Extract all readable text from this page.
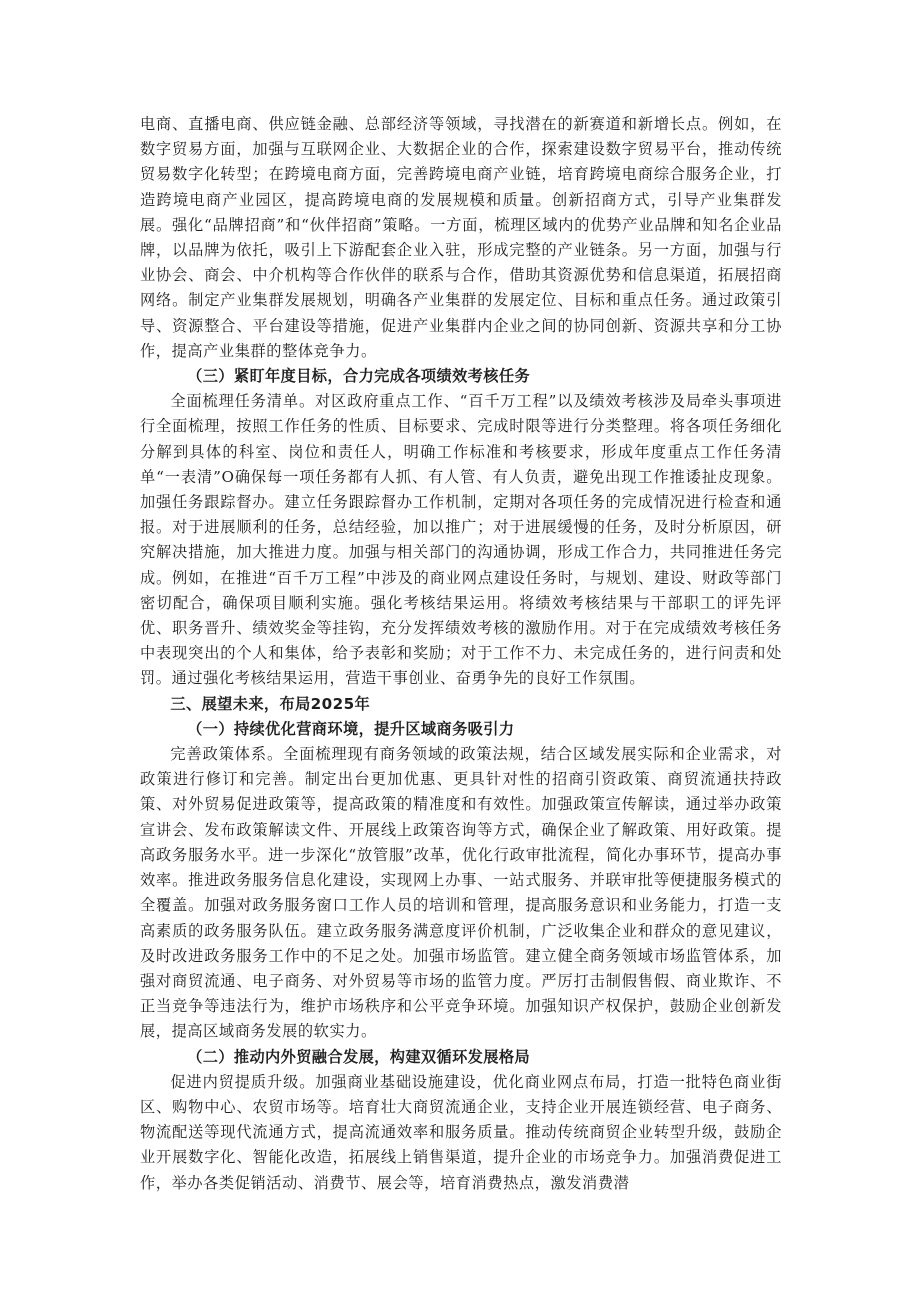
电商、直播电商、供应链金融、总部经济等领域，寻找潜在的新赛道和新增长点。例如，在数字贸易方面，加强与互联网企业、大数据企业的合作，探索建设数字贸易平台，推动传统贸易数字化转型；在跨境电商方面，完善跨境电商产业链，培育跨境电商综合服务企业，打造跨境电商产业园区，提高跨境电商的发展规模和质量。创新招商方式，引导产业集群发展。强化“品牌招商”和“伙伴招商”策略。一方面，梳理区域内的优势产业品牌和知名企业品牌，以品牌为依托，吸引上下游配套企业入驻，形成完整的产业链条。另一方面，加强与行业协会、商会、中介机构等合作伙伴的联系与合作，借助其资源优势和信息渠道，拓展招商网络。制定产业集群发展规划，明确各产业集群的发展定位、目标和重点任务。通过政策引导、资源整合、平台建设等措施，促进产业集群内企业之间的协同创新、资源共享和分工协作，提高产业集群的整体竞争力。

（三）紧盯年度目标，合力完成各项绩效考核任务

全面梳理任务清单。对区政府重点工作、“百千万工程”以及绩效考核涉及局牵头事项进行全面梳理，按照工作任务的性质、目标要求、完成时限等进行分类整理。将各项任务细化分解到具体的科室、岗位和责任人，明确工作标准和考核要求，形成年度重点工作任务清单“一表清”O确保每一项任务都有人抓、有人管、有人负责，避免出现工作推诿扯皮现象。加强任务跟踪督办。建立任务跟踪督办工作机制，定期对各项任务的完成情况进行检查和通报。对于进展顺利的任务，总结经验，加以推广；对于进展缓慢的任务，及时分析原因，研究解决措施，加大推进力度。加强与相关部门的沟通协调，形成工作合力，共同推进任务完成。例如，在推进“百千万工程”中涉及的商业网点建设任务时，与规划、建设、财政等部门密切配合，确保项目顺利实施。强化考核结果运用。将绩效考核结果与干部职工的评先评优、职务晋升、绩效奖金等挂钩，充分发挥绩效考核的激励作用。对于在完成绩效考核任务中表现突出的个人和集体，给予表彰和奖励；对于工作不力、未完成任务的，进行问责和处罚。通过强化考核结果运用，营造干事创业、奋勇争先的良好工作氛围。

三、展望未来，布局2025年

（一）持续优化营商环境，提升区域商务吸引力

完善政策体系。全面梳理现有商务领域的政策法规，结合区域发展实际和企业需求，对政策进行修订和完善。制定出台更加优惠、更具针对性的招商引资政策、商贸流通扶持政策、对外贸易促进政策等，提高政策的精准度和有效性。加强政策宣传解读，通过举办政策宣讲会、发布政策解读文件、开展线上政策咨询等方式，确保企业了解政策、用好政策。提高政务服务水平。进一步深化“放管服”改革，优化行政审批流程，简化办事环节，提高办事效率。推进政务服务信息化建设，实现网上办事、一站式服务、并联审批等便捷服务模式的全覆盖。加强对政务服务窗口工作人员的培训和管理，提高服务意识和业务能力，打造一支高素质的政务服务队伍。建立政务服务满意度评价机制，广泛收集企业和群众的意见建议，及时改进政务服务工作中的不足之处。加强市场监管。建立健全商务领域市场监管体系，加强对商贸流通、电子商务、对外贸易等市场的监管力度。严厉打击制假售假、商业欺诈、不正当竞争等违法行为，维护市场秩序和公平竞争环境。加强知识产权保护，鼓励企业创新发展，提高区域商务发展的软实力。

（二）推动内外贸融合发展，构建双循环发展格局

促进内贸提质升级。加强商业基础设施建设，优化商业网点布局，打造一批特色商业街区、购物中心、农贸市场等。培育壮大商贸流通企业，支持企业开展连锁经营、电子商务、物流配送等现代流通方式，提高流通效率和服务质量。推动传统商贸企业转型升级，鼓励企业开展数字化、智能化改造，拓展线上销售渠道，提升企业的市场竞争力。加强消费促进工作，举办各类促销活动、消费节、展会等，培育消费热点，激发消费潜
